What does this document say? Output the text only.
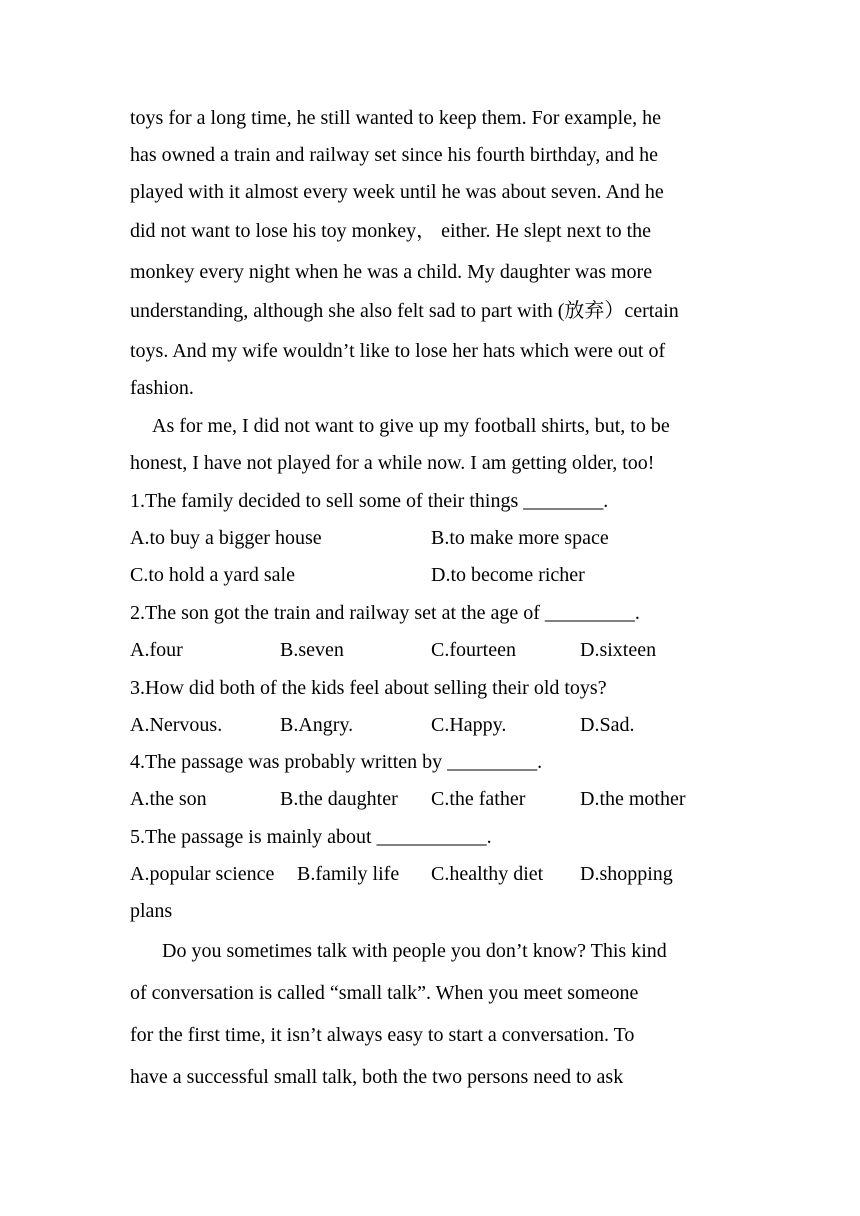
toys for a long time, he still wanted to keep them. For example, he
has owned a train and railway set since his fourth birthday, and he
played with it almost every week until he was about seven. And he
did not want to lose his toy monkey， either. He slept next to the
monkey every night when he was a child. My daughter was more
understanding, although she also felt sad to part with (放弃）certain
toys. And my wife wouldn’t like to lose her hats which were out of
fashion.
As for me, I did not want to give up my football shirts, but, to be
honest, I have not played for a while now. I am getting older, too!
1.The family decided to sell some of their things ________.
A.to buy a bigger house	B.to make more space
C.to hold a yard sale	D.to become richer
2.The son got the train and railway set at the age of _________.
A.four	B.seven	C.fourteen	D.sixteen
3.How did both of the kids feel about selling their old toys?
A.Nervous.	B.Angry.	C.Happy.	D.Sad.
4.The passage was probably written by _________.
A.the son	B.the daughter C.the father	D.the mother
5.The passage is mainly about ___________.
A.popular science B.family life C.healthy diet D.shopping
plans
Do you sometimes talk with people you don’t know? This kind
of conversation is called “small talk”. When you meet someone
for the first time, it isn’t always easy to start a conversation. To
have a successful small talk, both the two persons need to ask
